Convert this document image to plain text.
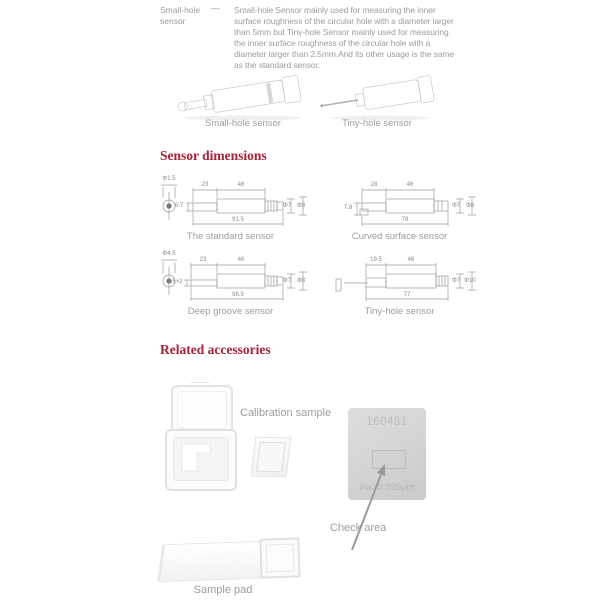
Small-hole sensor
— Small-hole Sensor mainly used for measuring the inner surface roughness of the circular hole with a diameter larger than 5mm but Tiny-hole Sensor mainly used for measuring the inner surface roughness of the circular hole with a diameter larger than 2.5mm.And its other usage is the same as the standard sensor.
Small-hole sensor	Tiny-hole sensor
Sensor dimensions
Φ1.5
23	46
91.5
6.7	Φ7 Φ8
The standard sensor
28	46
78
7.8	Φ7 Φ8
Curved surface sensor
Φ4.5
23	46
98.5
1.5×2	Φ7 Φ8
Deep groove sensor
19.5	46
77
Φ7 Φ10
Tiny-hole sensor
Related accessories
Calibration sample
160481
Ra=0.395μm
Check area
Sample pad
